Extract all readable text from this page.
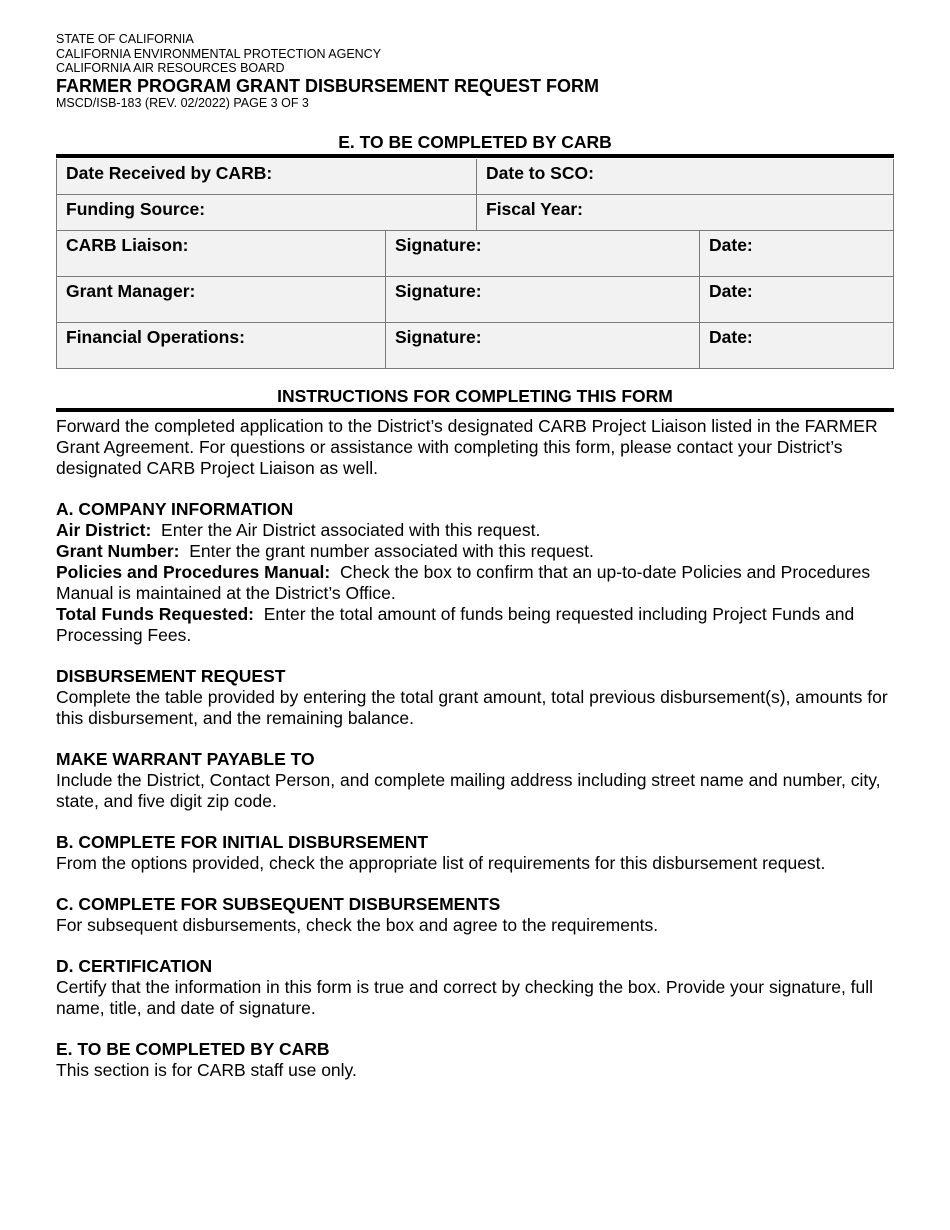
STATE OF CALIFORNIA
CALIFORNIA ENVIRONMENTAL PROTECTION AGENCY
CALIFORNIA AIR RESOURCES BOARD
FARMER PROGRAM GRANT DISBURSEMENT REQUEST FORM
MSCD/ISB-183 (REV. 02/2022) PAGE 3 OF 3
E. TO BE COMPLETED BY CARB
Date Received by CARB:	Date to SCO:
Funding Source:	Fiscal Year:
CARB Liaison:	Signature:	Date:
Grant Manager:	Signature:	Date:
Financial Operations:	Signature:	Date:
INSTRUCTIONS FOR COMPLETING THIS FORM

Forward the completed application to the District’s designated CARB Project Liaison listed in the FARMER Grant Agreement. For questions or assistance with completing this form, please contact your District’s designated CARB Project Liaison as well.

A. COMPANY INFORMATION

Air District: Enter the Air District associated with this request.

Grant Number: Enter the grant number associated with this request.

Policies and Procedures Manual: Check the box to confirm that an up-to-date Policies and Procedures Manual is maintained at the District’s Office.

Total Funds Requested: Enter the total amount of funds being requested including Project Funds and Processing Fees.

DISBURSEMENT REQUEST

Complete the table provided by entering the total grant amount, total previous disbursement(s), amounts for this disbursement, and the remaining balance.

MAKE WARRANT PAYABLE TO

Include the District, Contact Person, and complete mailing address including street name and number, city, state, and five digit zip code.

B. COMPLETE FOR INITIAL DISBURSEMENT

From the options provided, check the appropriate list of requirements for this disbursement request.

C. COMPLETE FOR SUBSEQUENT DISBURSEMENTS

For subsequent disbursements, check the box and agree to the requirements.

D. CERTIFICATION

Certify that the information in this form is true and correct by checking the box. Provide your signature, full name, title, and date of signature.

E. TO BE COMPLETED BY CARB

This section is for CARB staff use only.
